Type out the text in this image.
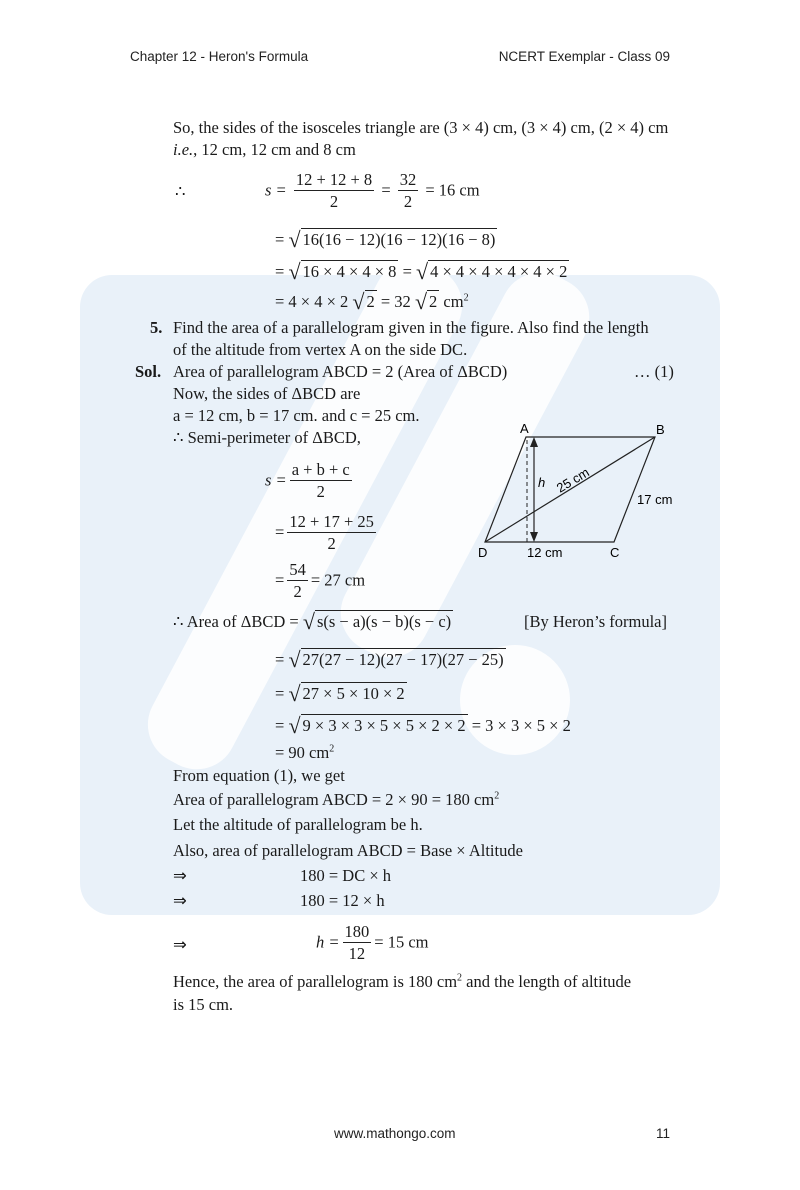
Chapter 12 - Heron's Formula	NCERT Exemplar - Class 09
So, the sides of the isosceles triangle are (3 × 4) cm, (3 × 4) cm, (2 × 4) cm
i.e., 12 cm, 12 cm and 8 cm
∴	$s = \frac{12 + 12 + 8}{2} = \frac{32}{2} = 16$ cm
= √ 16(16 − 12)(16 − 12)(16 − 8)
= √ 16 × 4 × 4 × 8 = √ 4 × 4 × 4 × 4 × 4 × 2
= 4 × 4 × 2 √ 2 = 32 √ 2 $cm^2$
5. Find the area of a parallelogram given in the figure. Also find the length
of the altitude from vertex A on the side DC.
Sol. Area of parallelogram ABCD = 2 (Area of ΔBCD)	… (1)
Now, the sides of ΔBCD are
a = 12 cm, b = 17 cm. and c = 25 cm.
∴ Semi-perimeter of ΔBCD,
$s = \frac{a + b + c}{2}$
= $\frac{12 + 17 + 25}{2}$
= $\frac{54}{2} = 27$ cm
∴ Area of ΔBCD = √ s(s − a)(s − b)(s − c)	[By Heron’s formula]
= √ 27(27 − 12)(27 − 17)(27 − 25)
= √ 27 × 5 × 10 × 2
= √ 9 × 3 × 3 × 5 × 5 × 2 × 2 = 3 × 3 × 5 × 2
= 90 $cm^2$
From equation (1), we get
Area of parallelogram ABCD = 2 × 90 = 180 $cm^2$
Let the altitude of parallelogram be h.
Also, area of parallelogram ABCD = Base × Altitude
⇒	180 = DC × h
⇒	180 = 12 × h
⇒	$h = \frac{180}{12} = 15$ cm
Hence, the area of parallelogram is 180 $cm^2$ and the length of altitude
is 15 cm.
A	B
C
D
h 25 cm
17 cm
12 cm
www.mathongo.com	11
